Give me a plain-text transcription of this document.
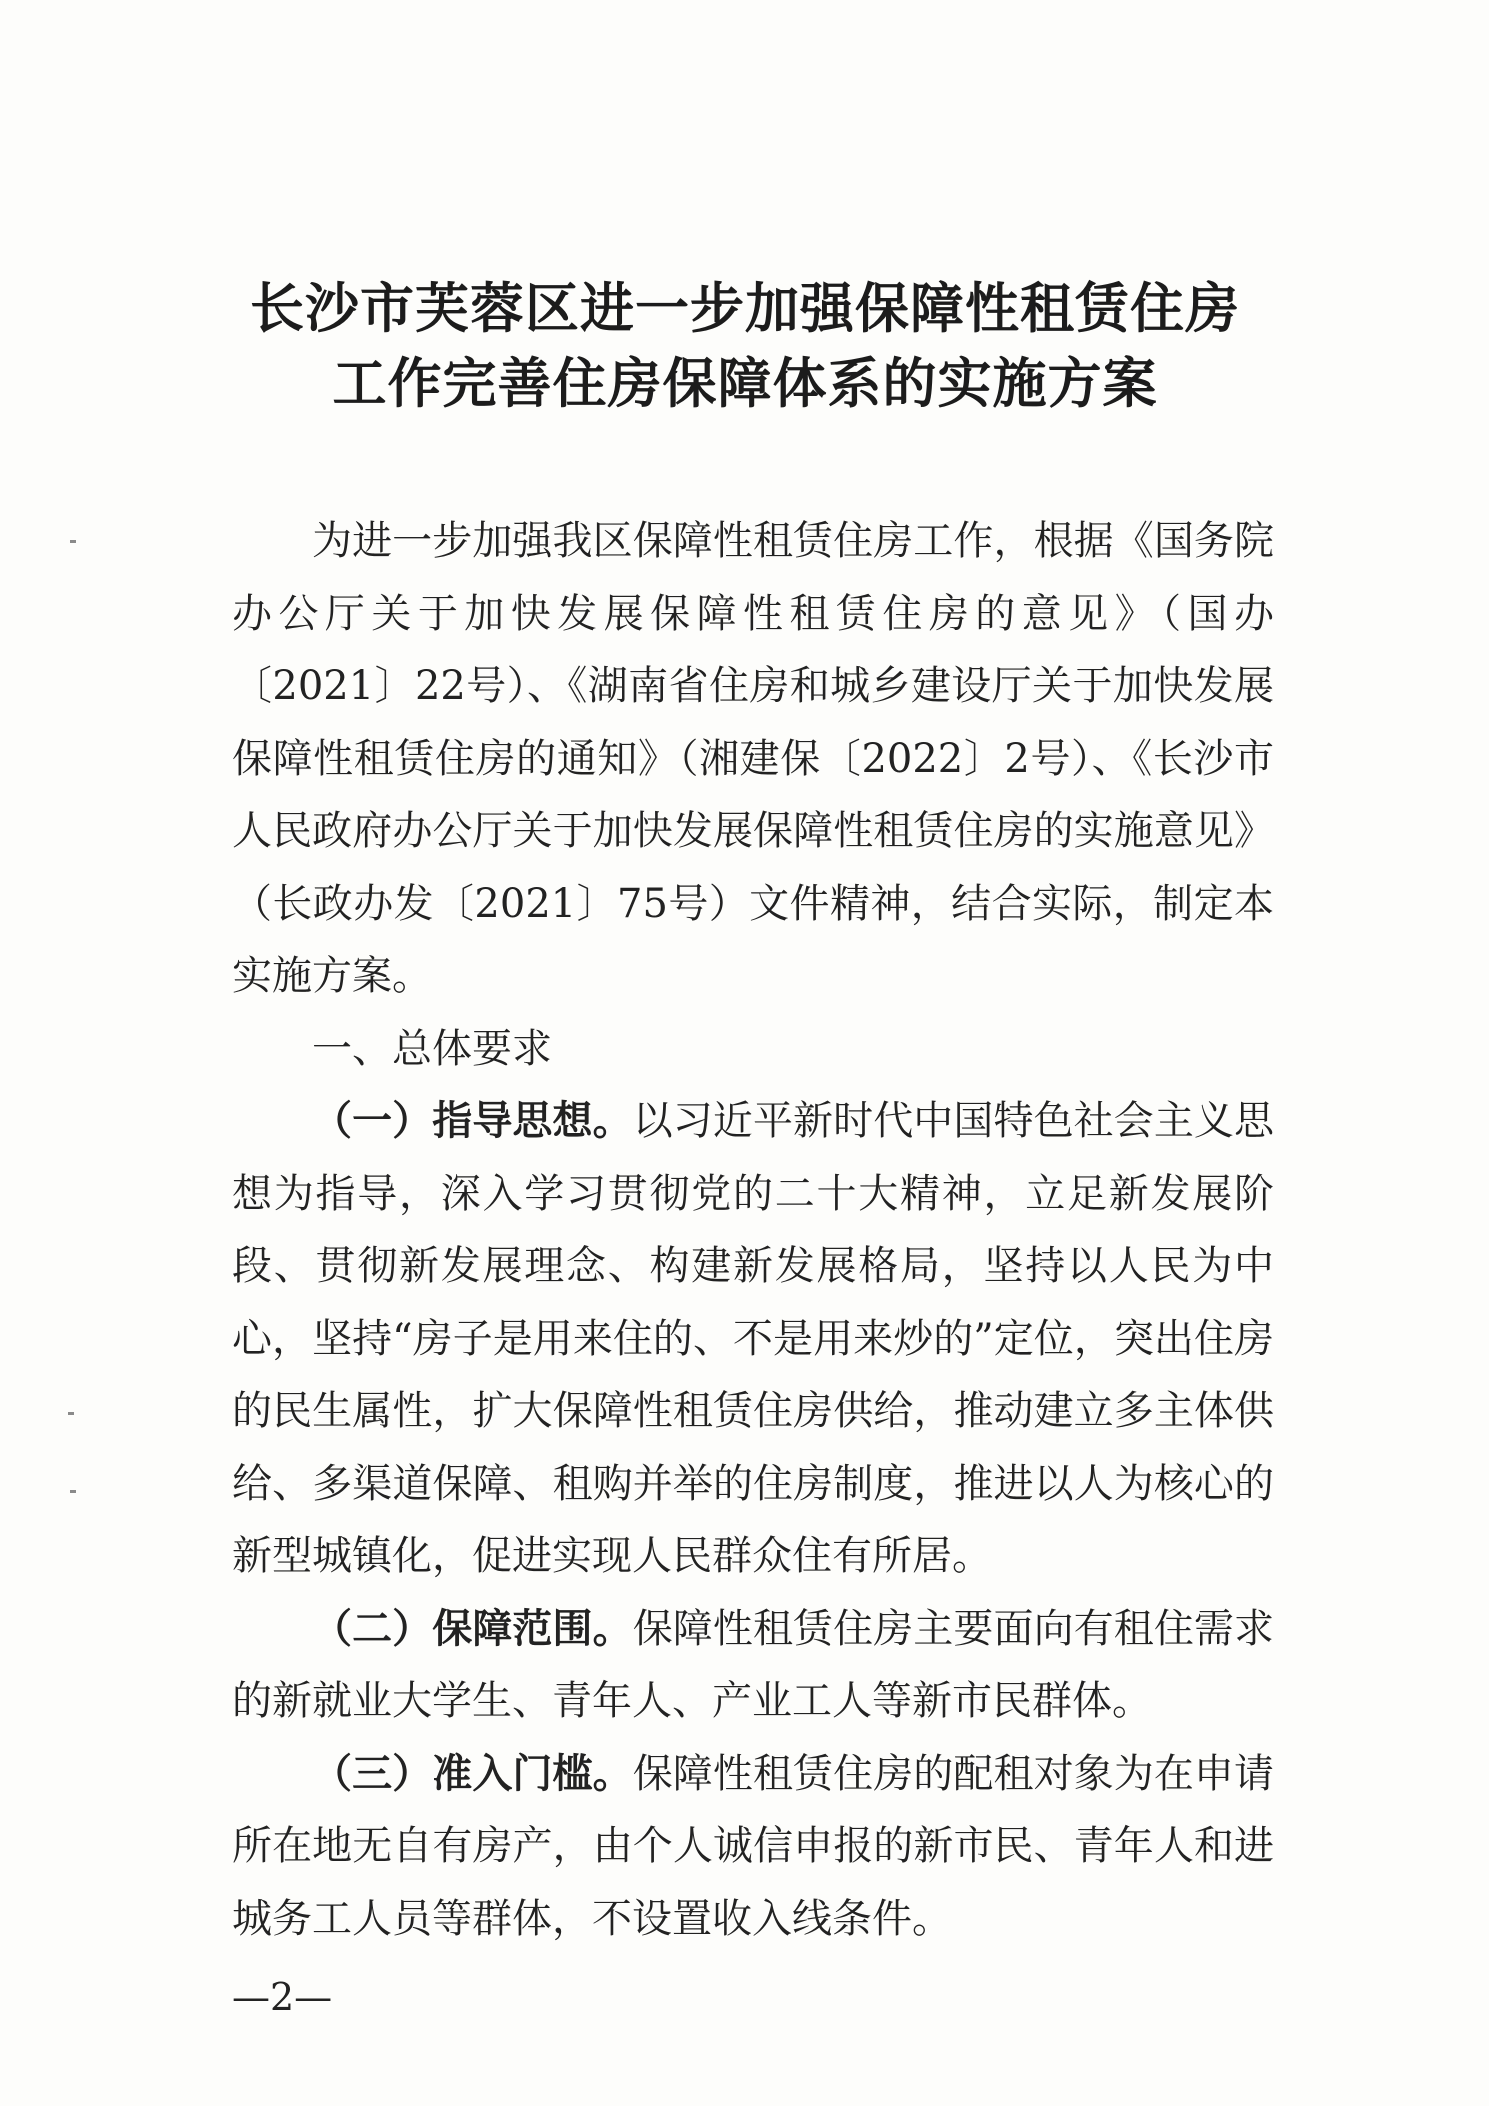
长沙市芙蓉区进一步加强保障性租赁住房
工作完善住房保障体系的实施方案

为进一步加强我区保障性租赁住房工作，根据《国务院办公厅关于加快发展保障性租赁住房的意见》（国办〔2021〕22号）、《湖南省住房和城乡建设厅关于加快发展保障性租赁住房的通知》（湘建保〔2022〕2号）、《长沙市人民政府办公厅关于加快发展保障性租赁住房的实施意见》（长政办发〔2021〕75号）文件精神，结合实际，制定本实施方案。

一、总体要求

（一）指导思想。以习近平新时代中国特色社会主义思想为指导，深入学习贯彻党的二十大精神，立足新发展阶段、贯彻新发展理念、构建新发展格局，坚持以人民为中心，坚持“房子是用来住的、不是用来炒的”定位，突出住房的民生属性，扩大保障性租赁住房供给，推动建立多主体供给、多渠道保障、租购并举的住房制度，推进以人为核心的新型城镇化，促进实现人民群众住有所居。

（二）保障范围。保障性租赁住房主要面向有租住需求的新就业大学生、青年人、产业工人等新市民群体。

（三）准入门槛。保障性租赁住房的配租对象为在申请所在地无自有房产，由个人诚信申报的新市民、青年人和进城务工人员等群体，不设置收入线条件。

—2—
